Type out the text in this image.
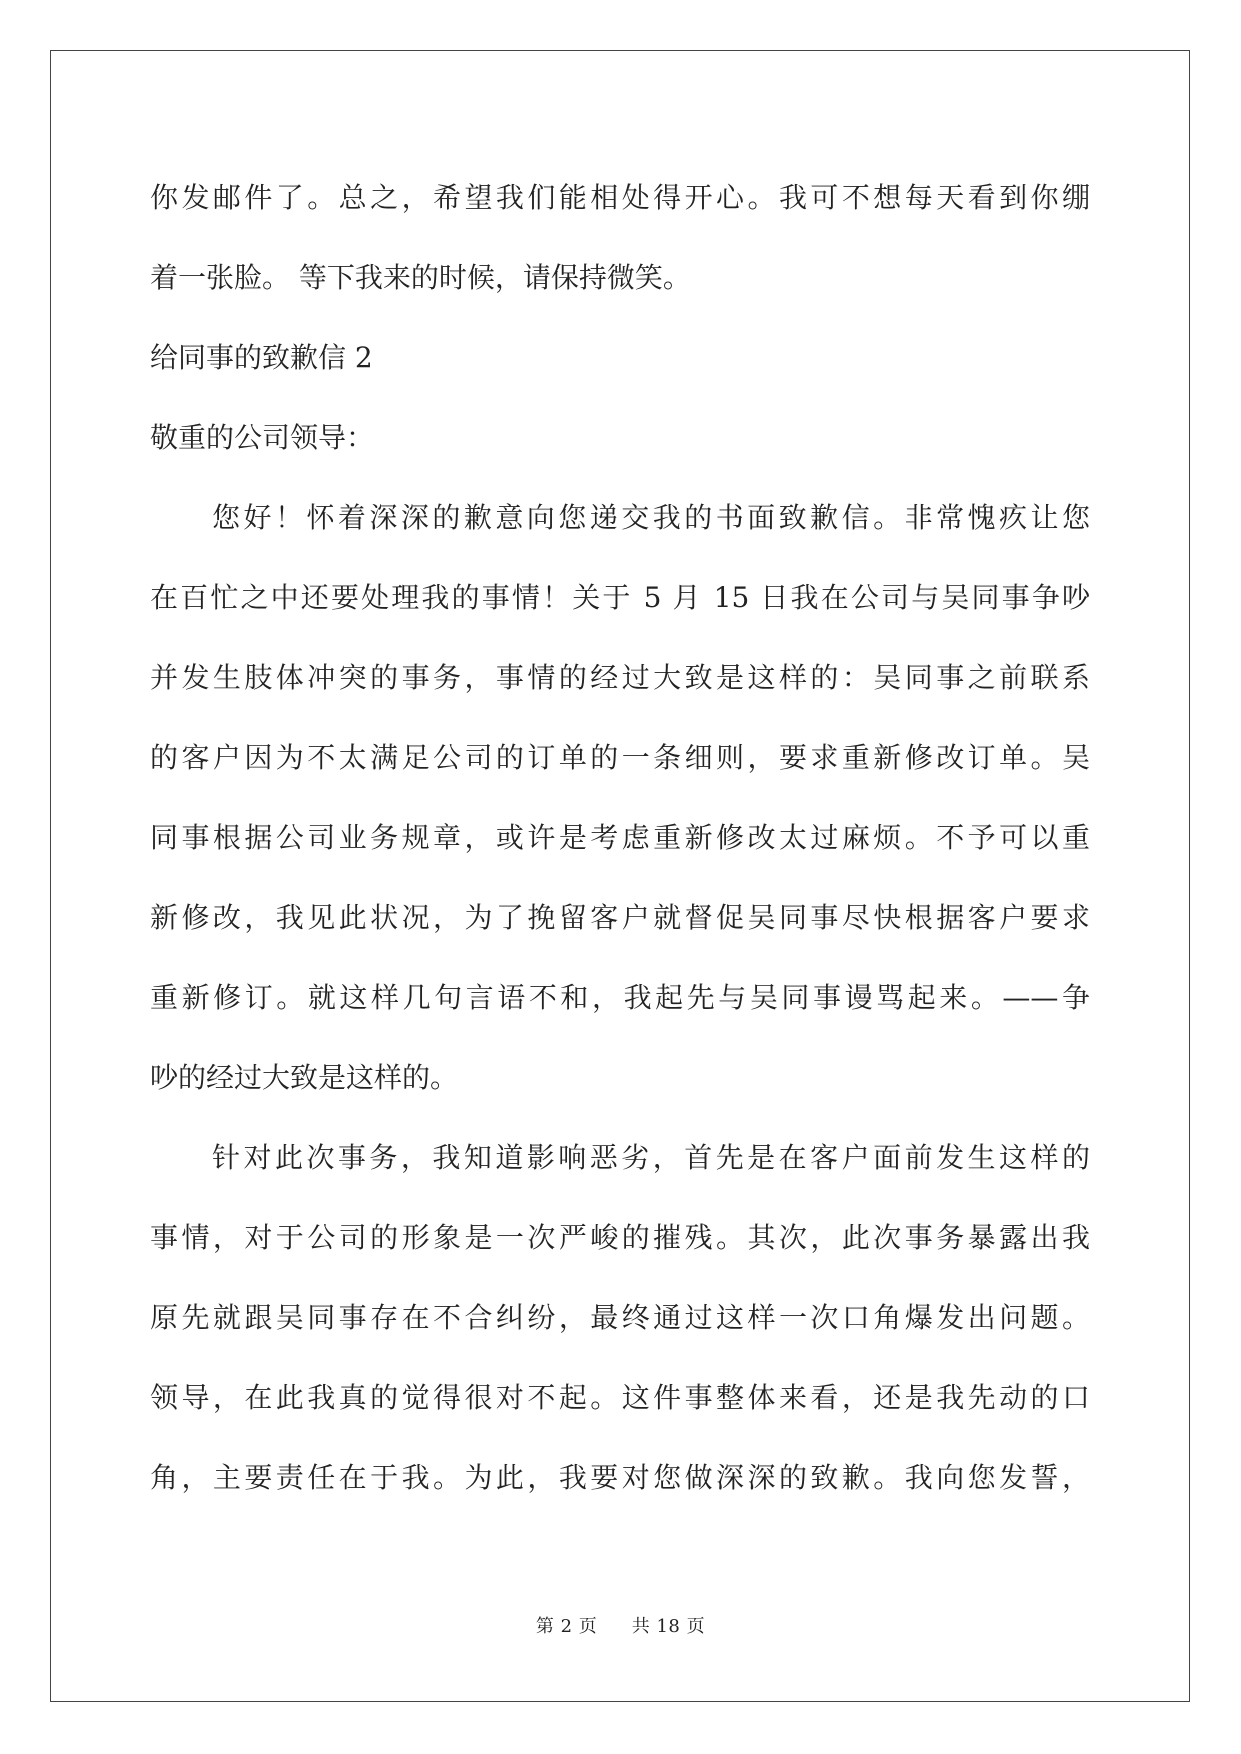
你发邮件了。总之，希望我们能相处得开心。我可不想每天看到你绷
着一张脸。 等下我来的时候，请保持微笑。
给同事的致歉信 2
敬重的公司领导：
您好！怀着深深的歉意向您递交我的书面致歉信。非常愧疚让您
在百忙之中还要处理我的事情！关于 5 月 15 日我在公司与吴同事争吵
并发生肢体冲突的事务，事情的经过大致是这样的：吴同事之前联系
的客户因为不太满足公司的订单的一条细则，要求重新修改订单。吴
同事根据公司业务规章，或许是考虑重新修改太过麻烦。不予可以重
新修改，我见此状况，为了挽留客户就督促吴同事尽快根据客户要求
重新修订。就这样几句言语不和，我起先与吴同事谩骂起来。——争
吵的经过大致是这样的。
针对此次事务，我知道影响恶劣，首先是在客户面前发生这样的
事情，对于公司的形象是一次严峻的摧残。其次，此次事务暴露出我
原先就跟吴同事存在不合纠纷，最终通过这样一次口角爆发出问题。
领导，在此我真的觉得很对不起。这件事整体来看，还是我先动的口
角，主要责任在于我。为此，我要对您做深深的致歉。我向您发誓，
第 2 页 共 18 页
